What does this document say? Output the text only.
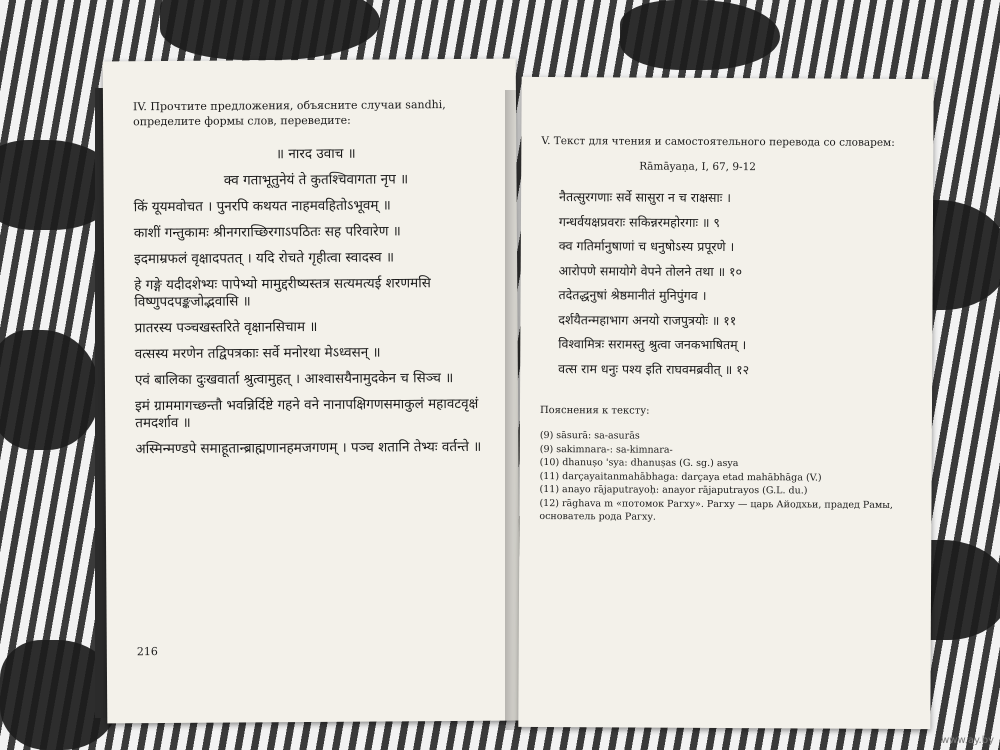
IV. Прочтите предложения, объясните случаи sandhi, определите формы слов, переведите:
॥ नारद उवाच ॥
क्व गताभूतुनेयं ते कुतश्चिवागता नृप ॥
किं यूयमवोचत । पुनरपि कथयत नाहमवहितोऽभूवम् ॥
काशीं गन्तुकामः श्रीनगराच्छिरगाऽपठितः सह परिवारेण ॥
इदमाम्रफलं वृक्षादपतत् । यदि रोचते गृहीत्वा स्वादस्व ॥
हे गङ्गे यदीदशेभ्यः पापेभ्यो मामुद्दरीष्यस्तत्र सत्यमत्यई शरणमसि विष्णुपदपङ्कजोद्भवासि ॥
प्रातरस्य पञ्चखस्तरिते वृक्षानसिचाम ॥
वत्सस्य मरणेन तद्विपत्रकाः सर्वे मनोरथा मेऽध्वसन् ॥
एवं बालिका दुःखवार्ता श्रुत्वामुहत् । आश्वासयैनामुदकेन च सिञ्च ॥
इमं ग्राममागच्छन्तौ भवन्निर्दिष्टे गहने वने नानापक्षिगणसमाकुलं महावटवृक्षं तमदर्शाव ॥
अस्मिन्मण्डपे समाहूतान्ब्राह्मणानहमजगणम् । पञ्च शतानि तेभ्यः वर्तन्ते ॥
216
V. Текст для чтения и самостоятельного перевода со словарем:
Rāmāyaṇa, I, 67, 9-12
नैतत्सुरगणाः सर्वे सासुरा न च राक्षसाः ।
गन्धर्वयक्षप्रवराः सकिन्नरमहोरगाः ॥ ९
क्व गतिर्मानुषाणां च धनुषोऽस्य प्रपूरणे ।
आरोपणे समायोगे वेपने तोलने तथा ॥ १०
तदेतद्धनुषां श्रेष्ठमानीतं मुनिपुंगव ।
दर्शयैतन्महाभाग अनयो राजपुत्रयोः ॥ ११
विश्वामित्रः सरामस्तु श्रुत्वा जनकभाषितम् ।
वत्स राम धनुः पश्य इति राघवमब्रवीत् ॥ १२
Пояснения к тексту:

(9) sāsurā: sa-asurās

(9) sakimnara-: sa-kimnara-

(10) dhanuṣo 'sya: dhanuṣas (G. sg.) asya

(11) darçayaitanmahābhaga: darçaya etad mahābhāga (V.)

(11) anayo rājaputrayoḥ: anayor rājaputrayos (G.L. du.)

(12) rāghava m «потомок Рагху». Рагху — царь Айодхьи, прадед Рамы, основатель рода Рагху.

www.ay.by
